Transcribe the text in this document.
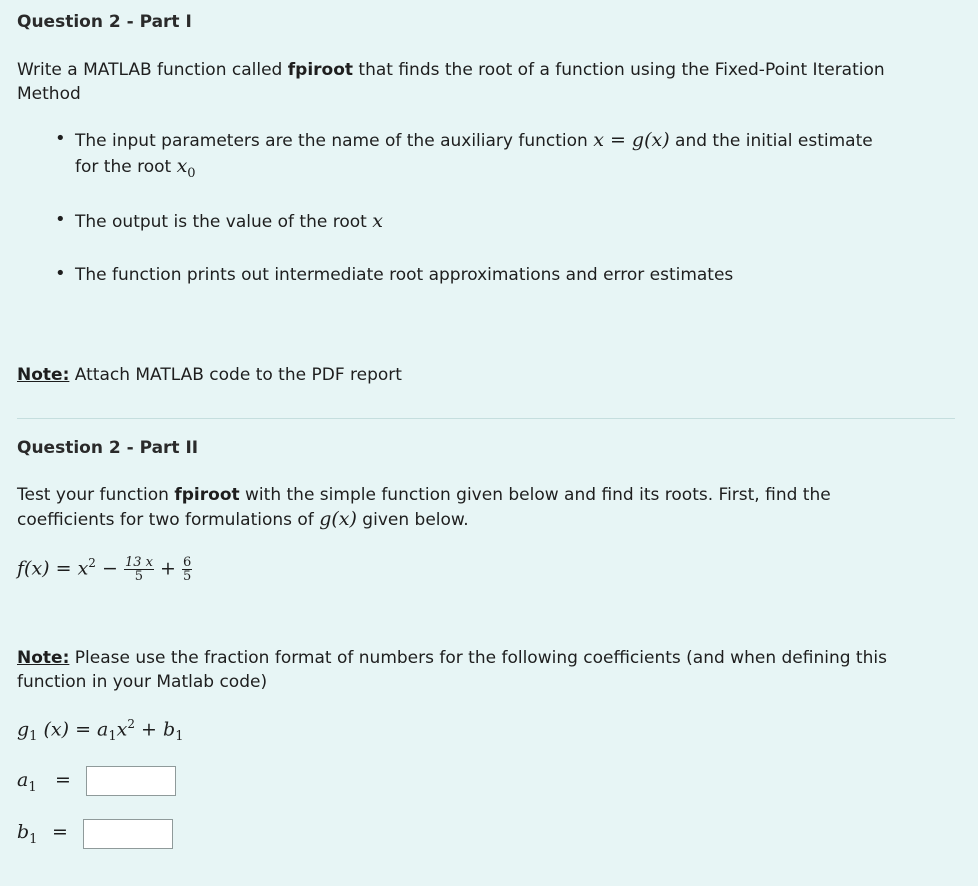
Question 2 - Part I
Write a MATLAB function called fpiroot that finds the root of a function using the Fixed-Point Iteration
Method
• The input parameters are the name of the auxiliary function x = g(x) and the initial estimate
for the root $x_0$
• The output is the value of the root x
• The function prints out intermediate root approximations and error estimates
Note: Attach MATLAB code to the PDF report
Question 2 - Part II
Test your function fpiroot with the simple function given below and find its roots. First, find the
coefficients for two formulations of g(x) given below.
$f(x) = x^2 - \frac{13 x}{5} + \frac{6}{5}$
Note: Please use the fraction format of numbers for the following coefficients (and when defining this
function in your Matlab code)
$g_1$ $(x) = a_1x^2 + b_1$
$a_1$ =
$b_1$ =
